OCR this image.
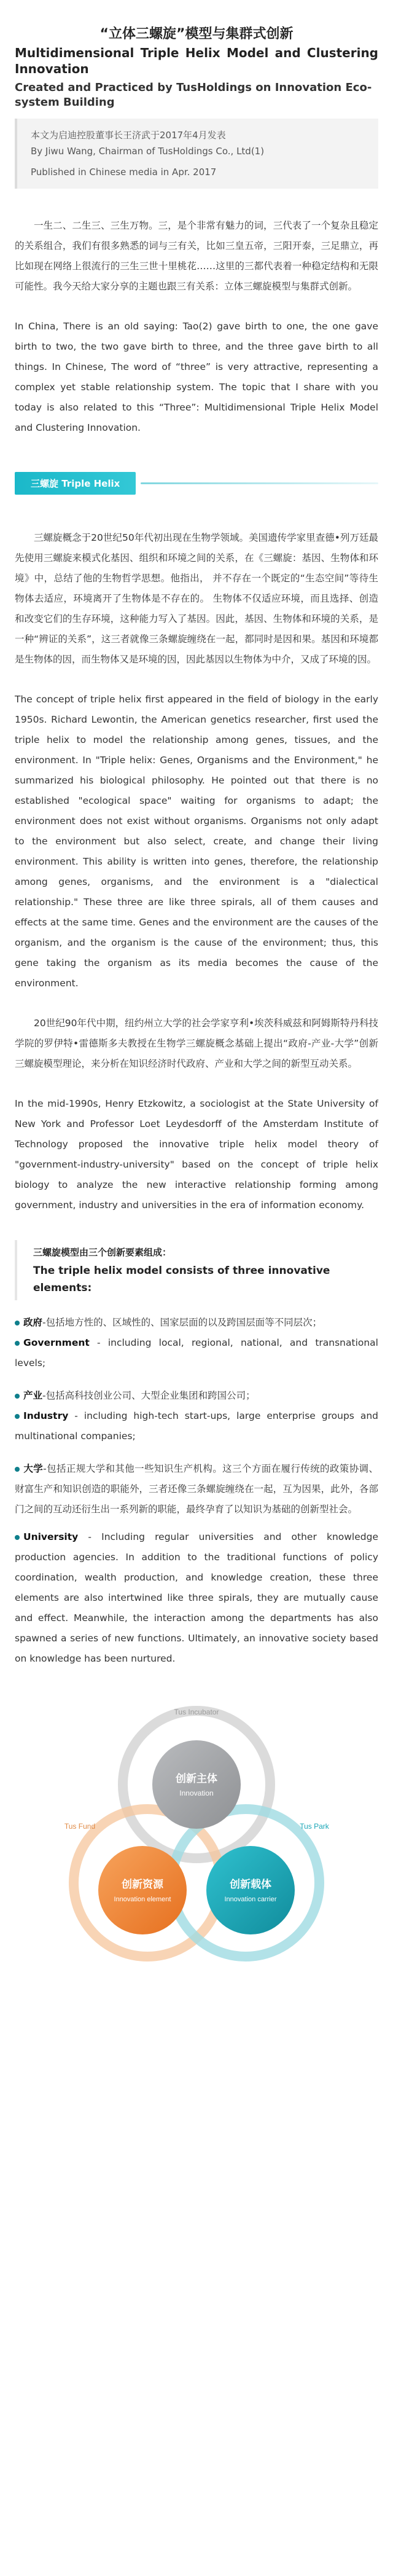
“立体三螺旋”模型与集群式创新
Multidimensional Triple Helix Model and Clustering Innovation
Created and Practiced by TusHoldings on Innovation Eco-system Building

本文为启迪控股董事长王济武于2017年4月发表

By Jiwu Wang, Chairman of TusHoldings Co., Ltd(1)

Published in Chinese media in Apr. 2017

一生二、二生三、三生万物。三，是个非常有魅力的词，三代表了一个复杂且稳定的关系组合，我们有很多熟悉的词与三有关，比如三皇五帝，三阳开泰，三足鼎立，再比如现在网络上很流行的三生三世十里桃花……这里的三都代表着一种稳定结构和无限可能性。我今天给大家分享的主题也跟三有关系：立体三螺旋模型与集群式创新。

In China, There is an old saying: Tao(2) gave birth to one, the one gave birth to two, the two gave birth to three, and the three gave birth to all things. In Chinese, The word of “three” is very attractive, representing a complex yet stable relationship system. The topic that I share with you today is also related to this “Three”: Multidimensional Triple Helix Model and Clustering Innovation.

三螺旋 Triple Helix

三螺旋概念于20世纪50年代初出现在生物学领域。美国遗传学家里查德•列万廷最先使用三螺旋来模式化基因、组织和环境之间的关系，在《三螺旋：基因、生物体和环境》中，总结了他的生物哲学思想。他指出， 并不存在一个既定的“生态空间”等待生物体去适应，环境离开了生物体是不存在的。 生物体不仅适应环境，而且选择、创造和改变它们的生存环境，这种能力写入了基因。因此，基因、生物体和环境的关系，是一种“辨证的关系”，这三者就像三条螺旋缠绕在一起，都同时是因和果。基因和环境都是生物体的因，而生物体又是环境的因，因此基因以生物体为中介，又成了环境的因。

The concept of triple helix first appeared in the field of biology in the early 1950s. Richard Lewontin, the American genetics researcher, first used the triple helix to model the relationship among genes, tissues, and the environment. In "Triple helix: Genes, Organisms and the Environment," he summarized his biological philosophy. He pointed out that there is no established "ecological space" waiting for organisms to adapt; the environment does not exist without organisms. Organisms not only adapt to the environment but also select, create, and change their living environment. This ability is written into genes, therefore, the relationship among genes, organisms, and the environment is a "dialectical relationship." These three are like three spirals, all of them causes and effects at the same time. Genes and the environment are the causes of the organism, and the organism is the cause of the environment; thus, this gene taking the organism as its media becomes the cause of the environment.

20世纪90年代中期，纽约州立大学的社会学家亨利•埃茨科威兹和阿姆斯特丹科技学院的罗伊特•雷德斯多夫教授在生物学三螺旋概念基础上提出“政府-产业-大学”创新三螺旋模型理论，来分析在知识经济时代政府、产业和大学之间的新型互动关系。

In the mid-1990s, Henry Etzkowitz, a sociologist at the State University of New York and Professor Loet Leydesdorff of the Amsterdam Institute of Technology proposed the innovative triple helix model theory of "government-industry-university" based on the concept of triple helix biology to analyze the new interactive relationship forming among government, industry and universities in the era of information economy.

三螺旋模型由三个创新要素组成：

The triple helix model consists of three innovative elements:

政府-包括地方性的、区域性的、国家层面的以及跨国层面等不同层次；

Government - including local, regional, national, and transnational levels;

产业-包括高科技创业公司、大型企业集团和跨国公司；

Industry - including high-tech start-ups, large enterprise groups and multinational companies;

大学-包括正规大学和其他一些知识生产机构。这三个方面在履行传统的政策协调、财富生产和知识创造的职能外，三者还像三条螺旋缠绕在一起，互为因果，此外，各部门之间的互动还衍生出一系列新的职能，最终孕育了以知识为基础的创新型社会。

University - Including regular universities and other knowledge production agencies. In addition to the traditional functions of policy coordination, wealth production, and knowledge creation, these three elements are also intertwined like three spirals, they are mutually cause and effect. Meanwhile, the interaction among the departments has also spawned a series of new functions. Ultimately, an innovative society based on knowledge has been nurtured.

Tus Incubator
Tus Fund	Tus Park
创新主体
Innovation
创新资源
Innovation element
创新载体
Innovation carrier
